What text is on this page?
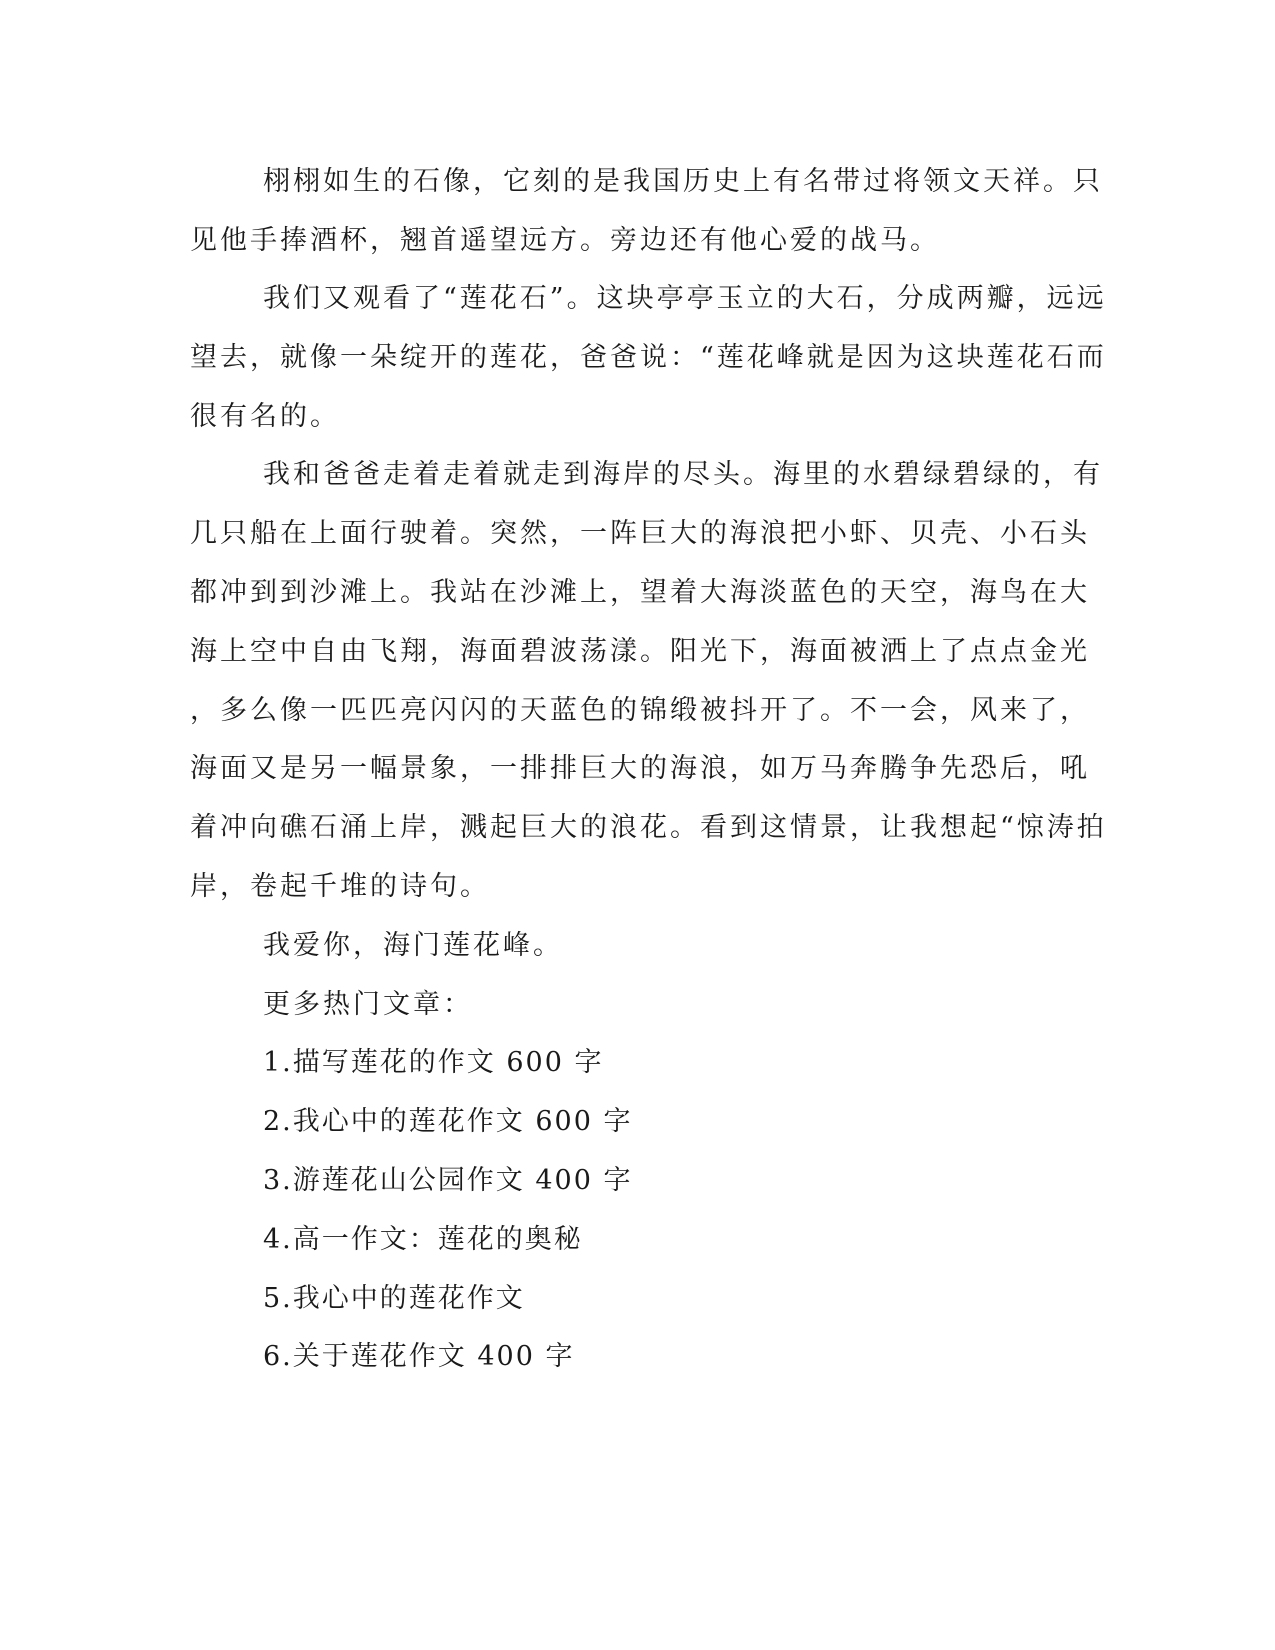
栩栩如生的石像，它刻的是我国历史上有名带过将领文天祥。只
见他手捧酒杯，翘首遥望远方。旁边还有他心爱的战马。
我们又观看了“莲花石”。这块亭亭玉立的大石，分成两瓣，远远
望去，就像一朵绽开的莲花，爸爸说：“莲花峰就是因为这块莲花石而
很有名的。
我和爸爸走着走着就走到海岸的尽头。海里的水碧绿碧绿的，有
几只船在上面行驶着。突然，一阵巨大的海浪把小虾、贝壳、小石头
都冲到到沙滩上。我站在沙滩上，望着大海淡蓝色的天空，海鸟在大
海上空中自由飞翔，海面碧波荡漾。阳光下，海面被洒上了点点金光
，多么像一匹匹亮闪闪的天蓝色的锦缎被抖开了。不一会，风来了，
海面又是另一幅景象，一排排巨大的海浪，如万马奔腾争先恐后，吼
着冲向礁石涌上岸，溅起巨大的浪花。看到这情景，让我想起“惊涛拍
岸，卷起千堆的诗句。
我爱你，海门莲花峰。
更多热门文章：
1.描写莲花的作文 600 字
2.我心中的莲花作文 600 字
3.游莲花山公园作文 400 字
4.高一作文：莲花的奥秘
5.我心中的莲花作文
6.关于莲花作文 400 字
